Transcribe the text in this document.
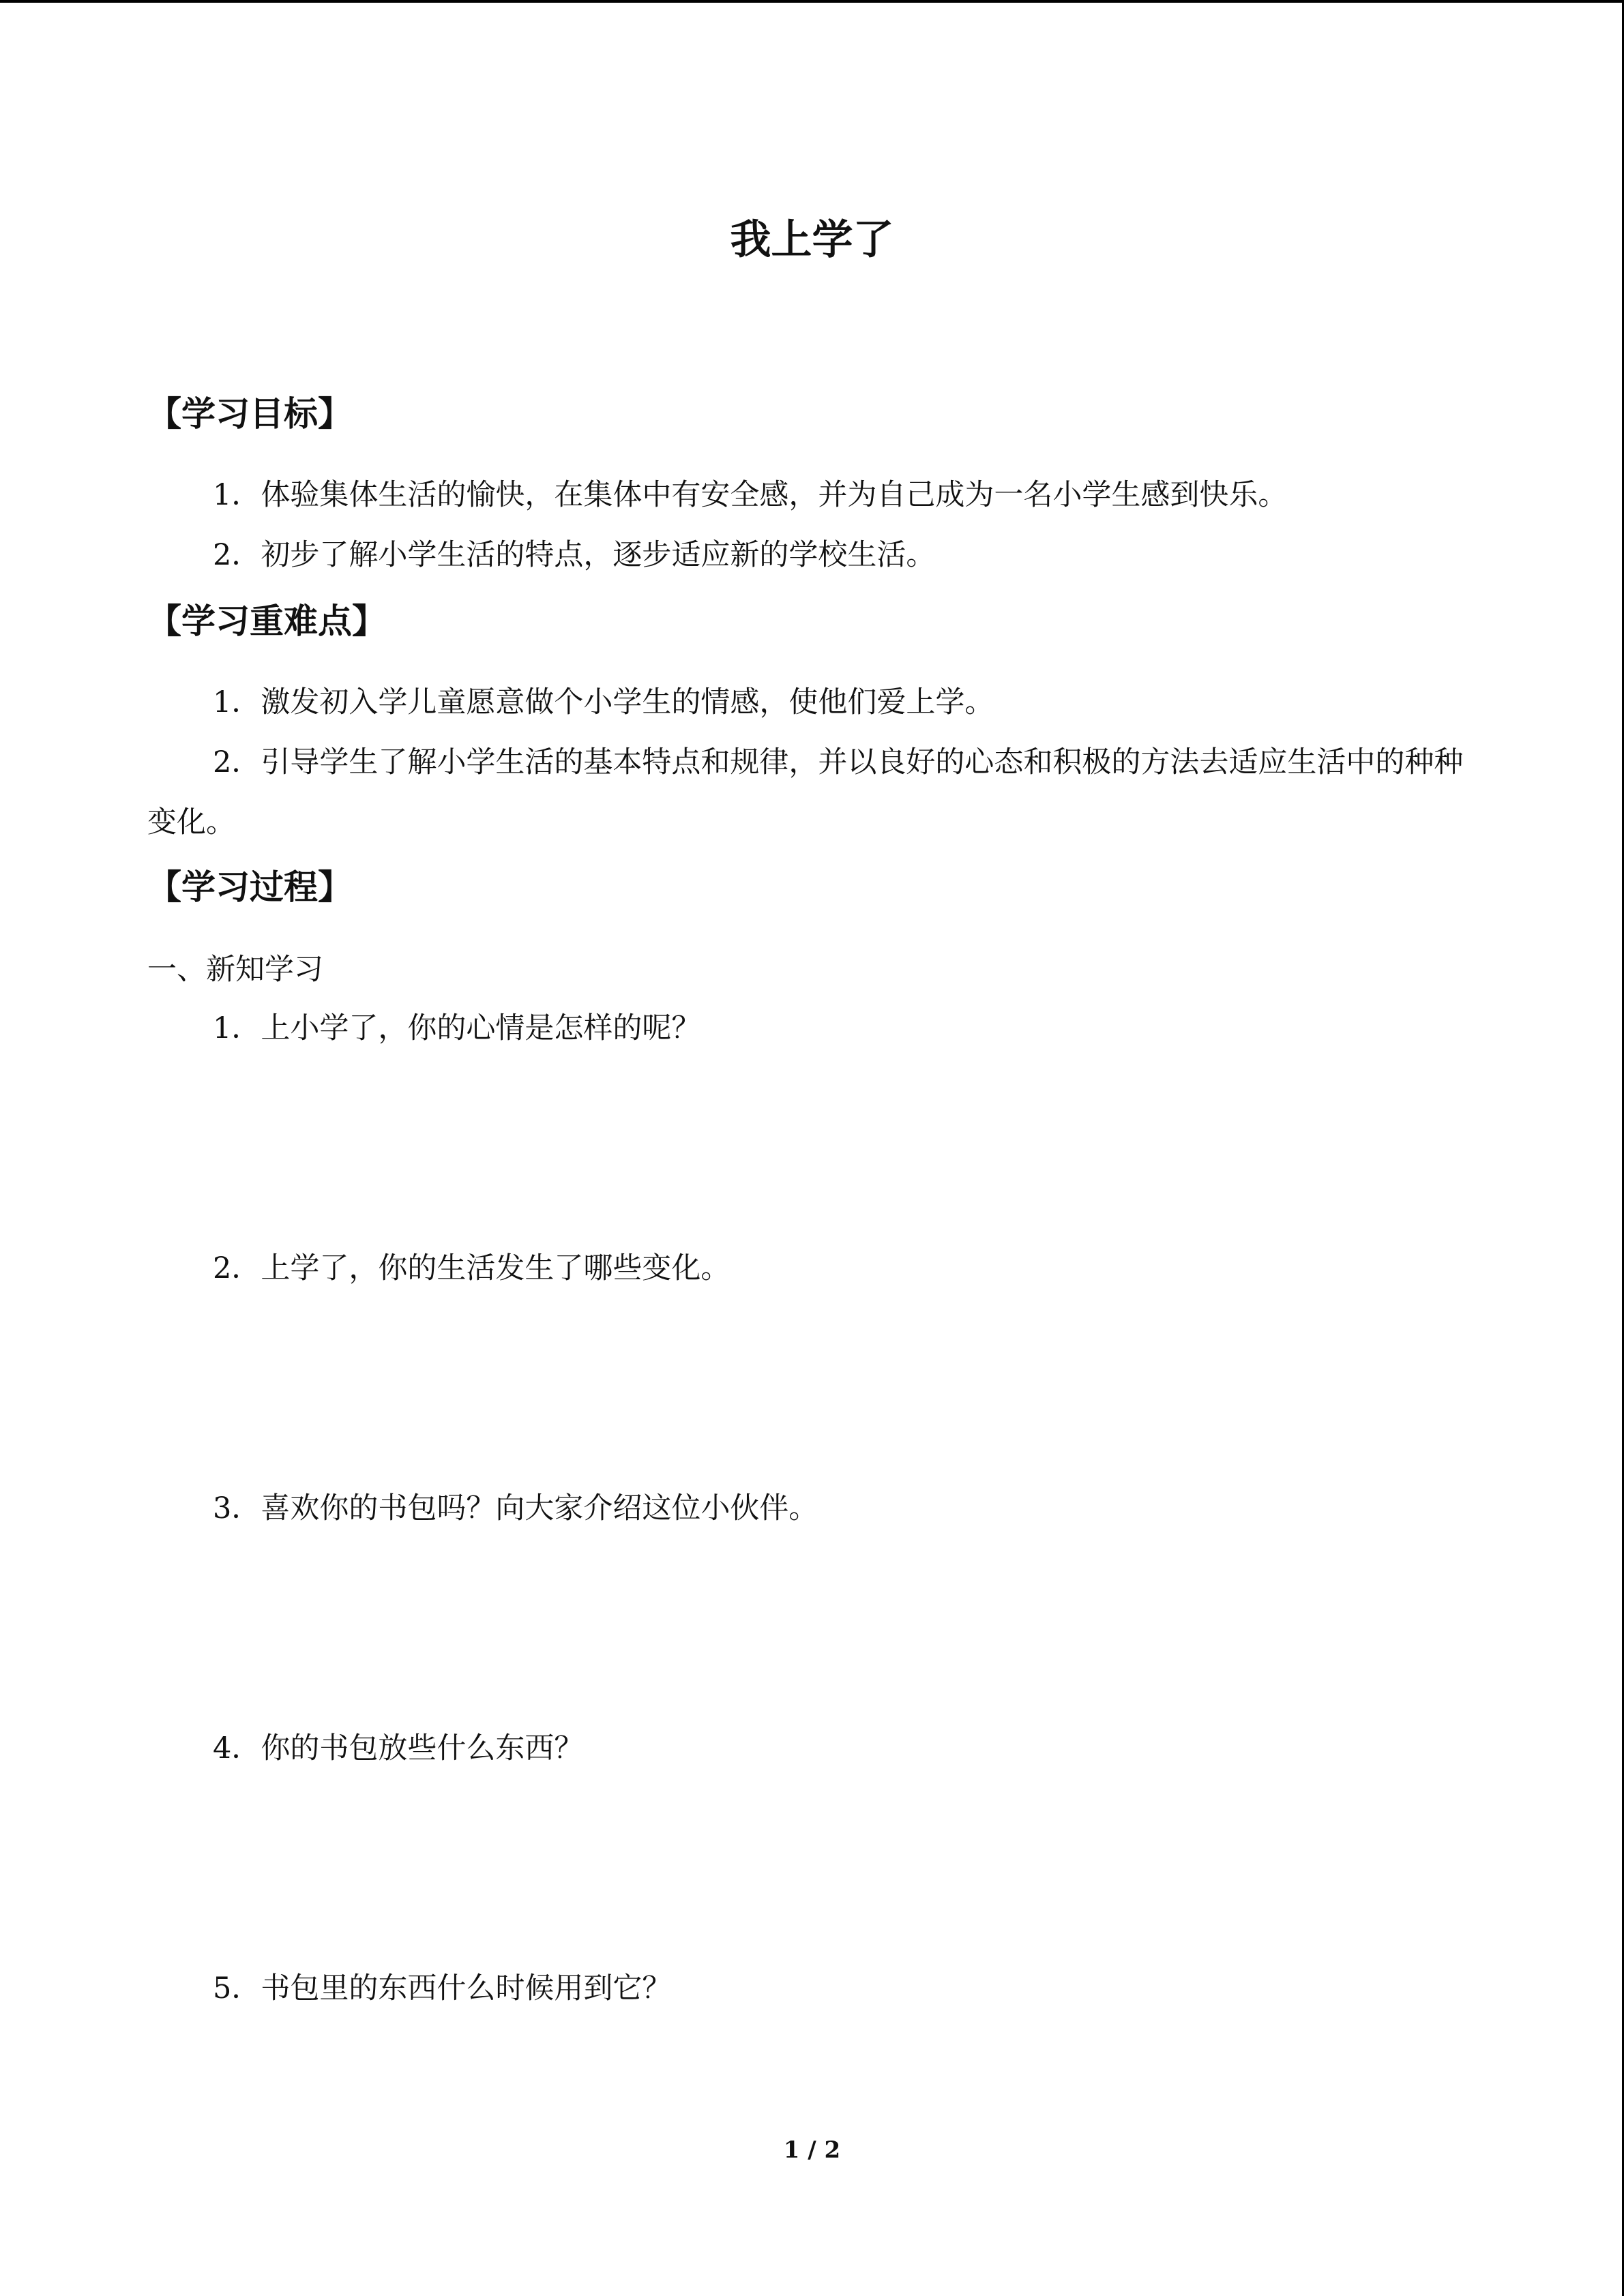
我上学了
【学习目标】
1．体验集体生活的愉快，在集体中有安全感，并为自己成为一名小学生感到快乐。
2．初步了解小学生活的特点，逐步适应新的学校生活。
【学习重难点】
1．激发初入学儿童愿意做个小学生的情感，使他们爱上学。
2．引导学生了解小学生活的基本特点和规律，并以良好的心态和积极的方法去适应生活中的种种变化。
【学习过程】
一、新知学习
1．上小学了，你的心情是怎样的呢？
2．上学了，你的生活发生了哪些变化。
3．喜欢你的书包吗？向大家介绍这位小伙伴。
4．你的书包放些什么东西？
5．书包里的东西什么时候用到它？
1 / 2
